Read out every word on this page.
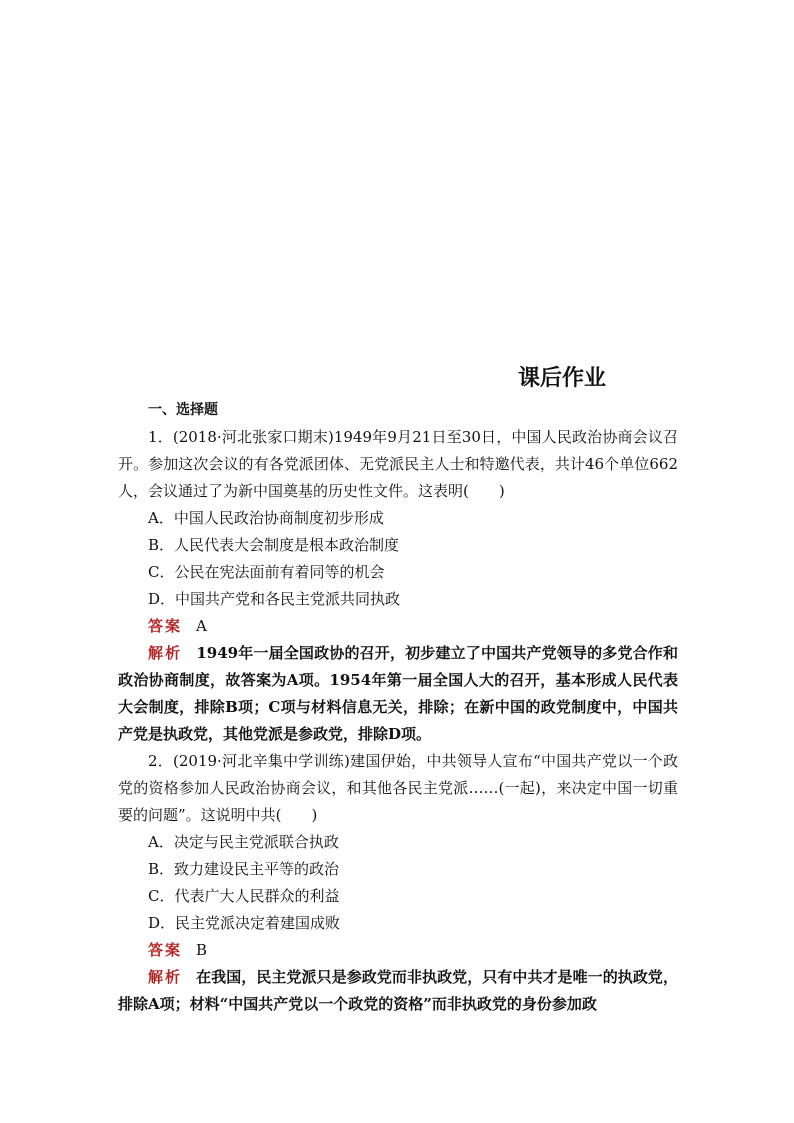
课后作业
一、选择题

1．(2018·河北张家口期末)1949年9月21日至30日，中国人民政治协商会议召开。参加这次会议的有各党派团体、无党派民主人士和特邀代表，共计46个单位662人，会议通过了为新中国奠基的历史性文件。这表明(　　)

A．中国人民政治协商制度初步形成

B．人民代表大会制度是根本政治制度

C．公民在宪法面前有着同等的机会

D．中国共产党和各民主党派共同执政

答案 A

解析 1949年一届全国政协的召开，初步建立了中国共产党领导的多党合作和政治协商制度，故答案为A项。1954年第一届全国人大的召开，基本形成人民代表大会制度，排除B项；C项与材料信息无关，排除；在新中国的政党制度中，中国共产党是执政党，其他党派是参政党，排除D项。

2．(2019·河北辛集中学训练)建国伊始，中共领导人宣布“中国共产党以一个政党的资格参加人民政治协商会议，和其他各民主党派……(一起)，来决定中国一切重要的问题”。这说明中共(　　)

A．决定与民主党派联合执政

B．致力建设民主平等的政治

C．代表广大人民群众的利益

D．民主党派决定着建国成败

答案 B

解析 在我国，民主党派只是参政党而非执政党，只有中共才是唯一的执政党，排除A项；材料“中国共产党以一个政党的资格”而非执政党的身份参加政
